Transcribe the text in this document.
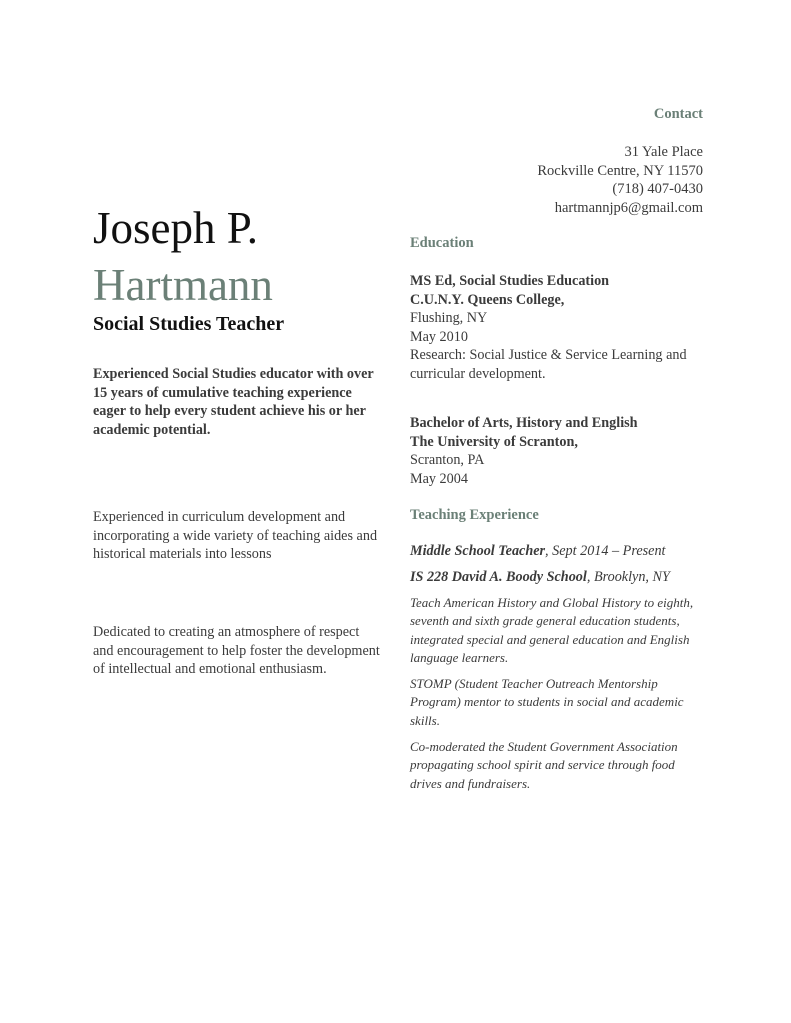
Contact
31 Yale Place
Rockville Centre, NY 11570
(718) 407-0430
hartmannjp6@gmail.com
Joseph P.
Hartmann
Social Studies Teacher
Experienced Social Studies educator with over 15 years of cumulative teaching experience eager to help every student achieve his or her academic potential.
Experienced in curriculum development and incorporating a wide variety of teaching aides and historical materials into lessons
Dedicated to creating an atmosphere of respect and encouragement to help foster the development of intellectual and emotional enthusiasm.
Education
MS Ed, Social Studies Education
C.U.N.Y. Queens College,
Flushing, NY
May 2010
Research: Social Justice & Service Learning and curricular development.
Bachelor of Arts, History and English
The University of Scranton,
Scranton, PA
May 2004
Teaching Experience
Middle School Teacher, Sept 2014 – Present
IS 228 David A. Boody School, Brooklyn, NY
Teach American History and Global History to eighth, seventh and sixth grade general education students, integrated special and general education and English language learners.
STOMP (Student Teacher Outreach Mentorship Program) mentor to students in social and academic skills.
Co-moderated the Student Government Association propagating school spirit and service through food drives and fundraisers.
